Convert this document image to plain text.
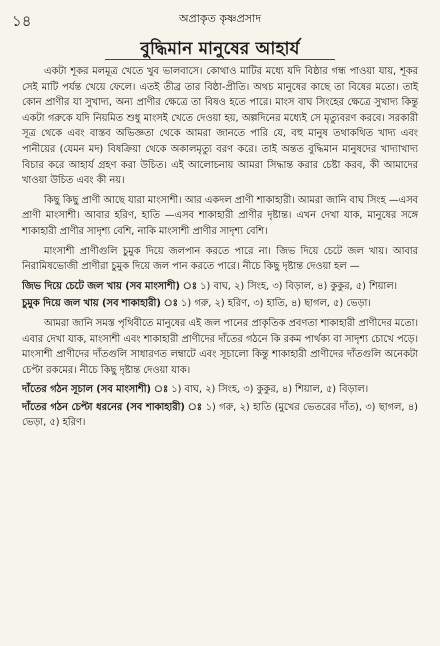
১৪	অপ্রাকৃত কৃষ্ণপ্রসাদ
বুদ্ধিমান মানুষের আহার্য

একটা শূকর মলমূত্র খেতে খুব ভালবাসে। কোথাও মাটির মধ্যে যদি বিষ্ঠার গন্ধ পাওয়া যায়, শূকর সেই মাটি পর্যন্ত খেয়ে ফেলে। এতই তীব্র তার বিষ্ঠা-প্রীতি। অথচ মানুষের কাছে তা বিষের মতো। তাই কোন প্রাণীর যা সুখাদ্য, অন্য প্রাণীর ক্ষেত্রে তা বিষও হতে পারে। মাংস বাঘ সিংহের ক্ষেত্রে সুখাদ্য কিন্তু একটা গরুকে যদি নিয়মিত শুধু মাংসই খেতে দেওয়া হয়, অল্পদিনের মধ্যেই সে মৃত্যুবরণ করবে। সরকারী সূত্র থেকে এবং বাস্তব অভিজ্ঞতা থেকে আমরা জানতে পারি যে, বহু মানুষ তথাকথিত খাদ্য এবং পানীয়ের (যেমন মদ) বিষক্রিয়া থেকে অকালমৃত্যু বরণ করে। তাই অন্তত বুদ্ধিমান মানুষদের খাদ্যাখাদ্য বিচার করে আহার্য গ্রহণ করা উচিত। এই আলোচনায় আমরা সিদ্ধান্ত করার চেষ্টা করব, কী আমাদের খাওয়া উচিত এবং কী নয়।

কিছু কিছু প্রাণী আছে যারা মাংসাশী। আর একদল প্রাণী শাকাহারী। আমরা জানি বাঘ সিংহ —এসব প্রাণী মাংসাশী। আবার হরিণ, হাতি —এসব শাকাহারী প্রাণীর দৃষ্টান্ত। এখন দেখা যাক, মানুষের সঙ্গে শাকাহারী প্রাণীর সাদৃশ্য বেশি, নাকি মাংসাশী প্রাণীর সাদৃশ্য বেশি।

মাংসাশী প্রাণীগুলি চুমুক দিয়ে জলপান করতে পারে না। জিভ দিয়ে চেটে জল খায়। আবার নিরামিষভোজী প্রাণীরা চুমুক দিয়ে জল পান করতে পারে। নীচে কিছু দৃষ্টান্ত দেওয়া হল —

জিভ দিয়ে চেটে জল খায় (সব মাংসাশী) ঃ ১) বাঘ, ২) সিংহ, ৩) বিড়াল, ৪) কুকুর, ৫) শিয়াল।
চুমুক দিয়ে জল খায় (সব শাকাহারী) ঃ ১) গরু, ২) হরিণ, ৩) হাতি, ৪) ছাগল, ৫) ভেড়া।

আমরা জানি সমস্ত পৃথিবীতে মানুষের এই জল পানের প্রাকৃতিক প্রবণতা শাকাহারী প্রাণীদের মতো। এবার দেখা যাক, মাংসাশী এবং শাকাহারী প্রাণীদের দাঁতের গঠনে কি রকম পার্থক্য বা সাদৃশ্য চোখে পড়ে। মাংসাশী প্রাণীদের দাঁতগুলি সাধারণত লম্বাটে এবং সূচালো কিন্তু শাকাহারী প্রাণীদের দাঁতগুলি অনেকটা চেপ্টা রকমের। নীচে কিছু দৃষ্টান্ত দেওয়া যাক।

দাঁতের গঠন সূচাল (সব মাংসাশী) ঃ ১) বাঘ, ২) সিংহ, ৩) কুকুর, ৪) শিয়াল, ৫) বিড়াল।
দাঁতের গঠন চেপ্টা ধরনের (সব শাকাহারী) ঃ ১) গরু, ২) হাতি (মুখের ভেতরের দাঁত), ৩) ছাগল, ৪) ভেড়া, ৫) হরিণ।
